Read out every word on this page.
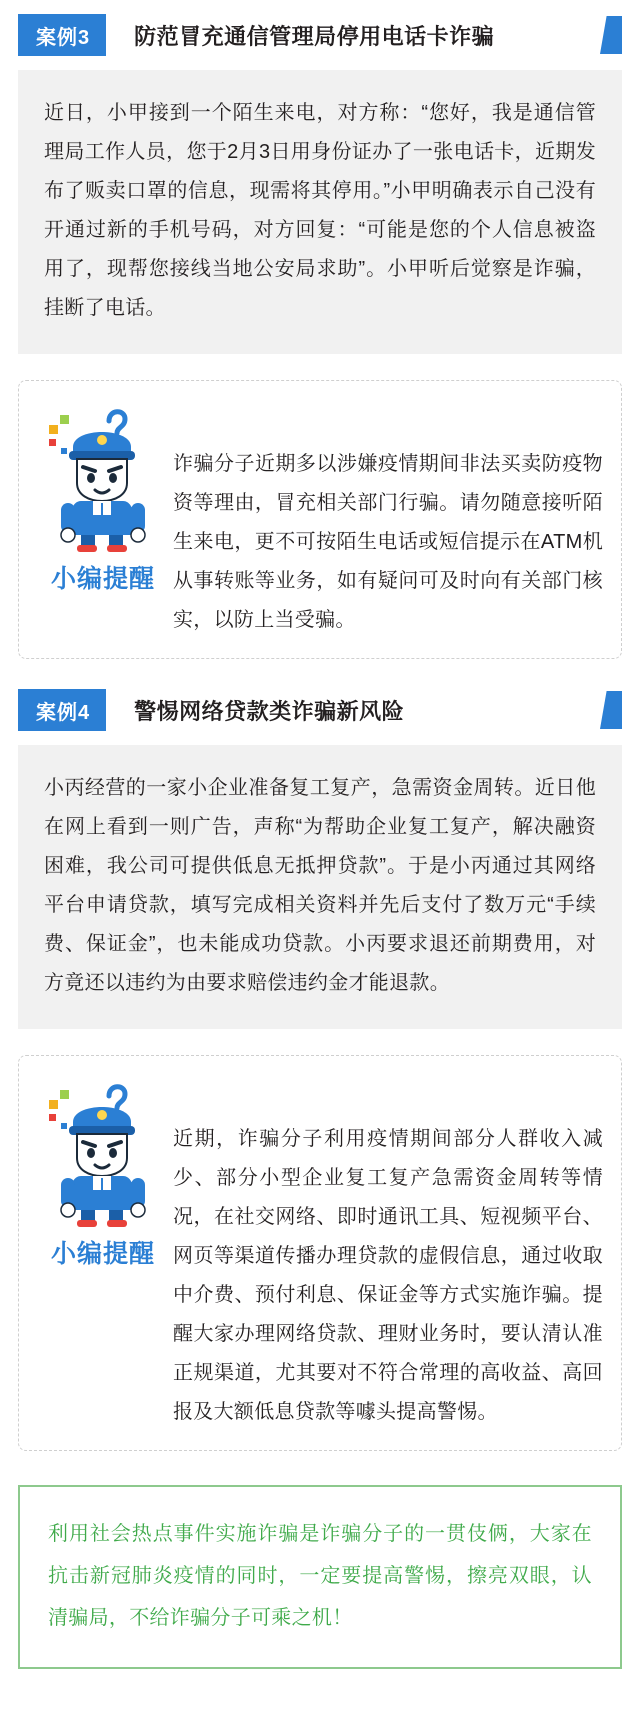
案例3	防范冒充通信管理局停用电话卡诈骗
近日，小甲接到一个陌生来电，对方称：“您好，我是通信管理局工作人员，您于2月3日用身份证办了一张电话卡，近期发布了贩卖口罩的信息，现需将其停用。”小甲明确表示自己没有开通过新的手机号码，对方回复：“可能是您的个人信息被盗用了，现帮您接线当地公安局求助”。小甲听后觉察是诈骗，挂断了电话。
小编提醒
诈骗分子近期多以涉嫌疫情期间非法买卖防疫物资等理由，冒充相关部门行骗。请勿随意接听陌生来电，更不可按陌生电话或短信提示在ATM机从事转账等业务，如有疑问可及时向有关部门核实，以防上当受骗。
案例4	警惕网络贷款类诈骗新风险
小丙经营的一家小企业准备复工复产，急需资金周转。近日他在网上看到一则广告，声称“为帮助企业复工复产，解决融资困难，我公司可提供低息无抵押贷款”。于是小丙通过其网络平台申请贷款，填写完成相关资料并先后支付了数万元“手续费、保证金”，也未能成功贷款。小丙要求退还前期费用，对方竟还以违约为由要求赔偿违约金才能退款。
小编提醒
近期，诈骗分子利用疫情期间部分人群收入减少、部分小型企业复工复产急需资金周转等情况，在社交网络、即时通讯工具、短视频平台、网页等渠道传播办理贷款的虚假信息，通过收取中介费、预付利息、保证金等方式实施诈骗。提醒大家办理网络贷款、理财业务时，要认清认准正规渠道，尤其要对不符合常理的高收益、高回报及大额低息贷款等噱头提高警惕。
利用社会热点事件实施诈骗是诈骗分子的一贯伎俩，大家在抗击新冠肺炎疫情的同时，一定要提高警惕，擦亮双眼，认清骗局，不给诈骗分子可乘之机！
